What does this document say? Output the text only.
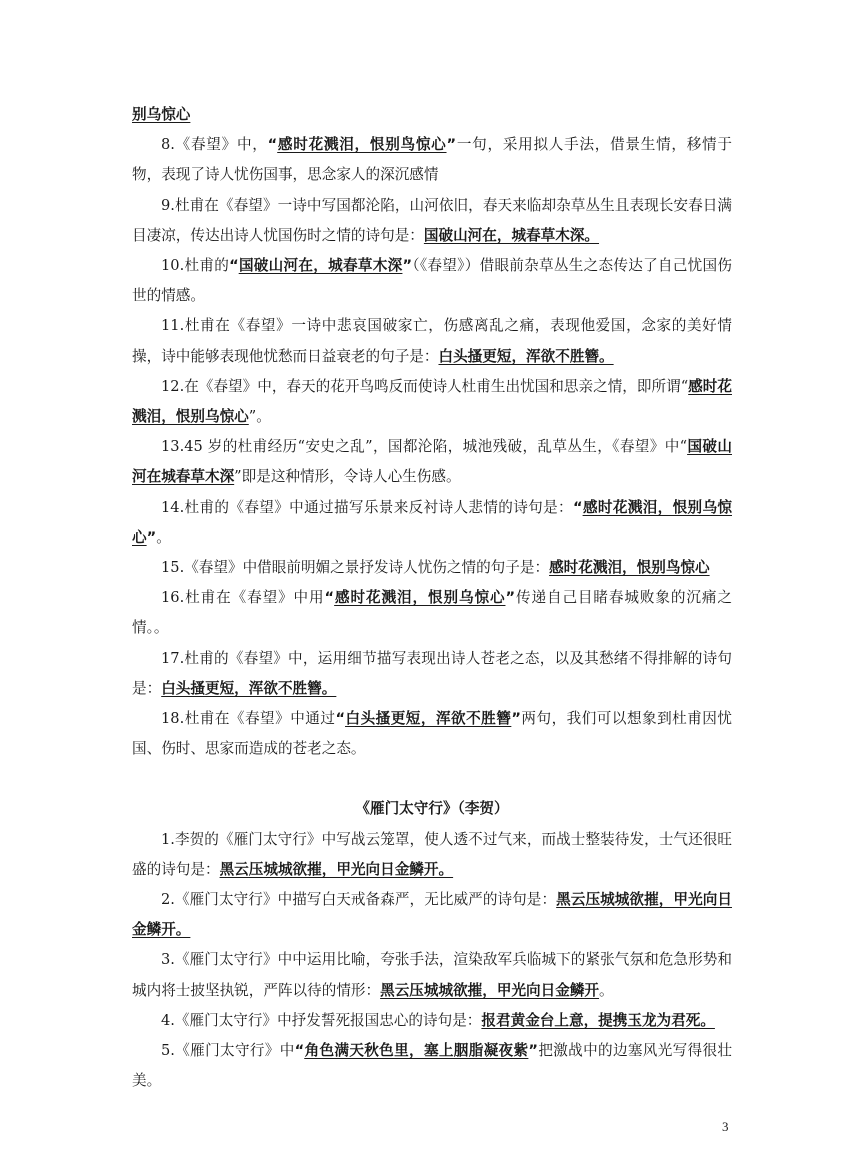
别乌惊心

8.《春望》中，“感时花溅泪，恨别鸟惊心”一句，采用拟人手法，借景生情，移情于物，表现了诗人忧伤国事，思念家人的深沉感情

9.杜甫在《春望》一诗中写国都沦陷，山河依旧，春天来临却杂草丛生且表现长安春日满目凄凉，传达出诗人忧国伤时之情的诗句是：国破山河在，城春草木深。

10.杜甫的“国破山河在，城春草木深”（《春望》）借眼前杂草丛生之态传达了自己忧国伤世的情感。

11.杜甫在《春望》一诗中悲哀国破家亡，伤感离乱之痛，表现他爱国，念家的美好情操，诗中能够表现他忧愁而日益衰老的句子是：白头搔更短，浑欲不胜簪。

12.在《春望》中，春天的花开鸟鸣反而使诗人杜甫生出忧国和思亲之情，即所谓“感时花溅泪，恨别乌惊心”。

13.45 岁的杜甫经历“安史之乱”，国都沦陷，城池残破，乱草丛生，《春望》中“国破山河在城春草木深”即是这种情形，令诗人心生伤感。

14.杜甫的《春望》中通过描写乐景来反衬诗人悲情的诗句是：“感时花溅泪，恨别乌惊心”。

15.《春望》中借眼前明媚之景抒发诗人忧伤之情的句子是：感时花溅泪，恨别鸟惊心

16.杜甫在《春望》中用“感时花溅泪，恨别乌惊心”传递自己目睹春城败象的沉痛之情。。

17.杜甫的《春望》中，运用细节描写表现出诗人苍老之态，以及其愁绪不得排解的诗句是：白头搔更短，浑欲不胜簪。

18.杜甫在《春望》中通过“白头搔更短，浑欲不胜簪”两句，我们可以想象到杜甫因忧国、伤时、思家而造成的苍老之态。

《雁门太守行》（李贺）

1.李贺的《雁门太守行》中写战云笼罩，使人透不过气来，而战士整装待发，士气还很旺盛的诗句是：黑云压城城欲摧，甲光向日金鳞开。

2.《雁门太守行》中描写白天戒备森严，无比威严的诗句是：黑云压城城欲摧，甲光向日金鳞开。

3.《雁门太守行》中中运用比喻，夸张手法，渲染敌军兵临城下的紧张气氛和危急形势和城内将士披坚执锐，严阵以待的情形：黑云压城城欲摧，甲光向日金鳞开。

4.《雁门太守行》中抒发誓死报国忠心的诗句是：报君黄金台上意，提携玉龙为君死。

5.《雁门太守行》中“角色满天秋色里，塞上胭脂凝夜紫”把激战中的边塞风光写得很壮美。

3
